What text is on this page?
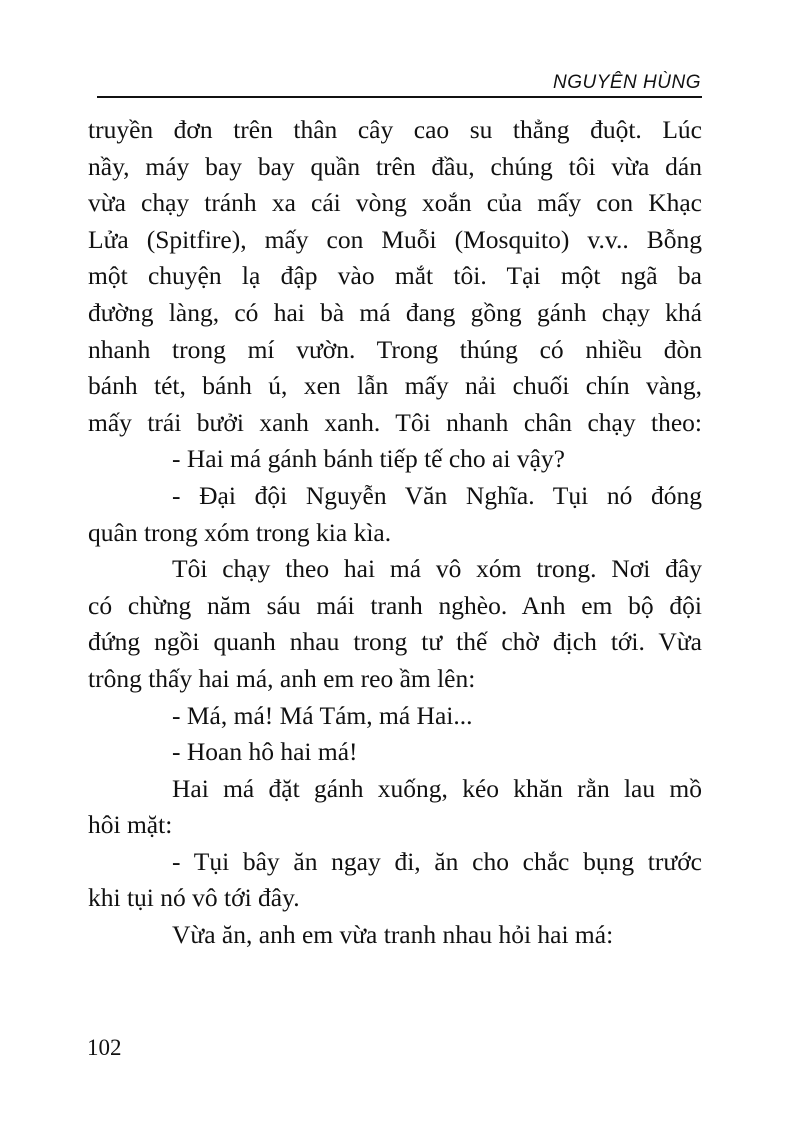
NGUYÊN HÙNG

truyền đơn trên thân cây cao su thẳng đuột. Lúc
nầy, máy bay bay quần trên đầu, chúng tôi vừa dán
vừa chạy tránh xa cái vòng xoắn của mấy con Khạc
Lửa (Spitfire), mấy con Muỗi (Mosquito) v.v.. Bỗng
một chuyện lạ đập vào mắt tôi. Tại một ngã ba
đường làng, có hai bà má đang gồng gánh chạy khá
nhanh trong mí vườn. Trong thúng có nhiều đòn
bánh tét, bánh ú, xen lẫn mấy nải chuối chín vàng,
mấy trái bưởi xanh xanh. Tôi nhanh chân chạy theo:

- Hai má gánh bánh tiếp tế cho ai vậy?

- Đại đội Nguyễn Văn Nghĩa. Tụi nó đóng
quân trong xóm trong kia kìa.

Tôi chạy theo hai má vô xóm trong. Nơi đây
có chừng năm sáu mái tranh nghèo. Anh em bộ đội
đứng ngồi quanh nhau trong tư thế chờ địch tới. Vừa
trông thấy hai má, anh em reo ầm lên:

- Má, má! Má Tám, má Hai...

- Hoan hô hai má!

Hai má đặt gánh xuống, kéo khăn rằn lau mồ
hôi mặt:

- Tụi bây ăn ngay đi, ăn cho chắc bụng trước
khi tụi nó vô tới đây.

Vừa ăn, anh em vừa tranh nhau hỏi hai má:

102
